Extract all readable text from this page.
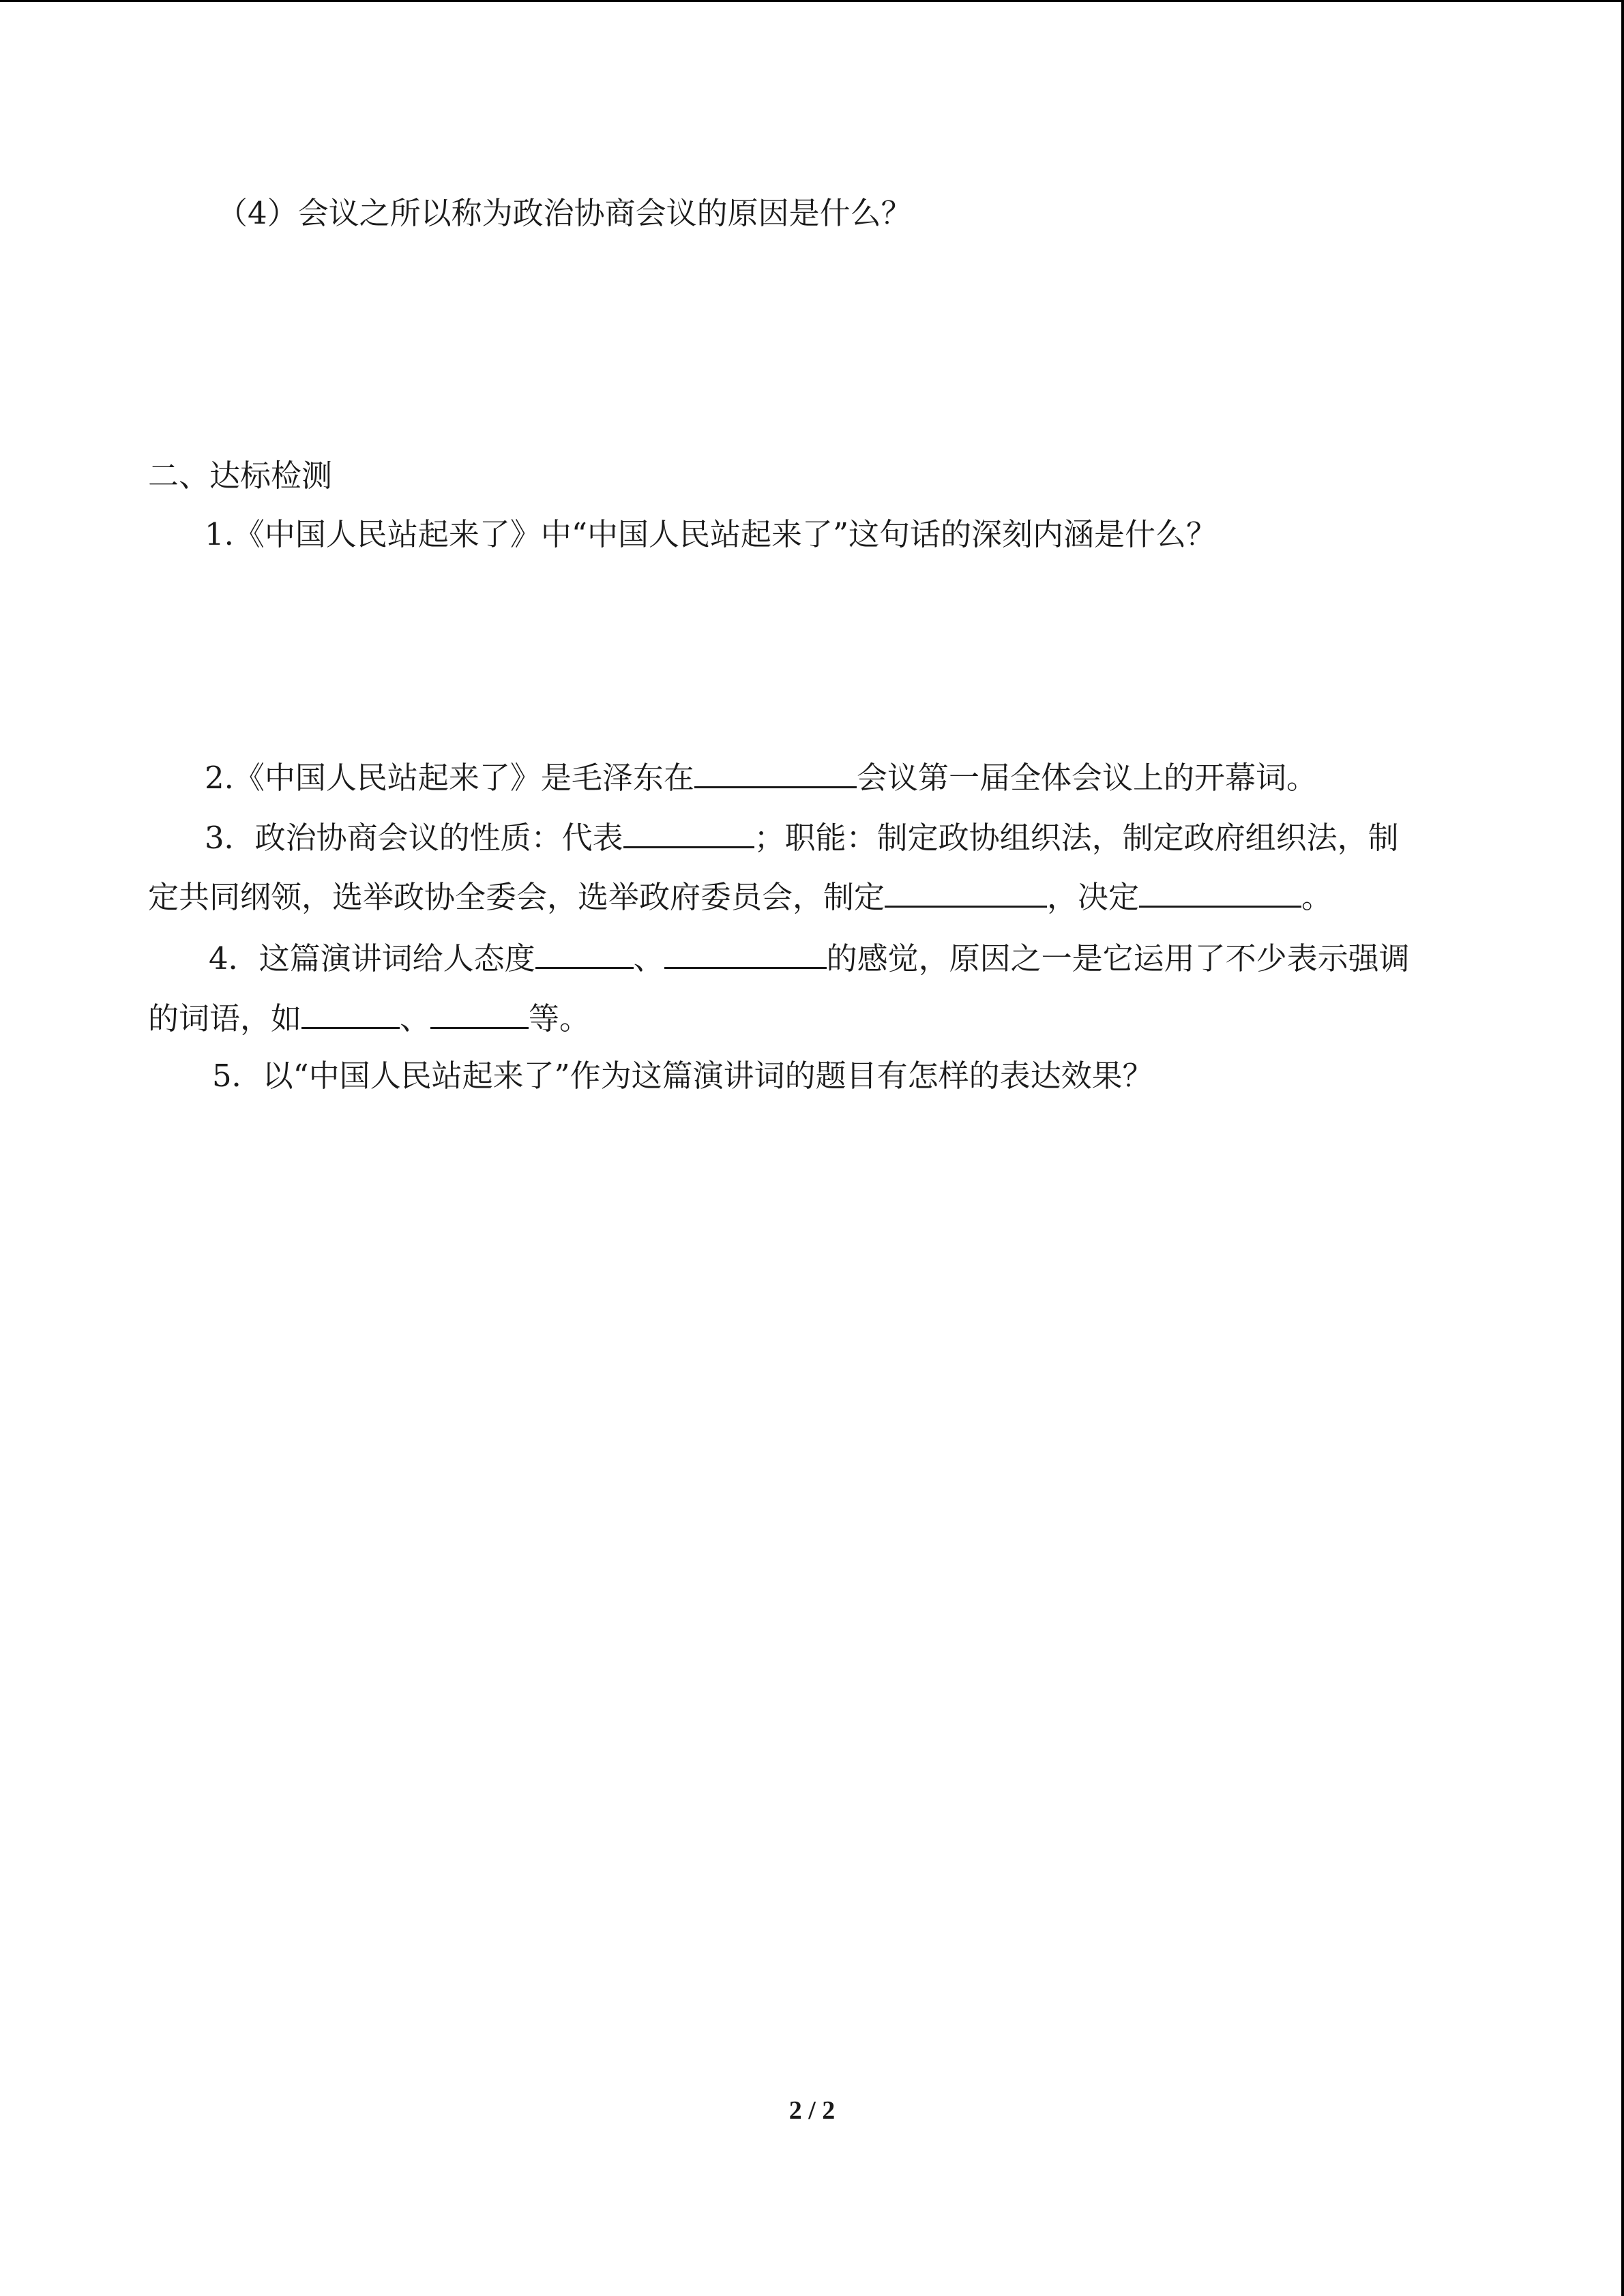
（4）会议之所以称为政治协商会议的原因是什么？

二、达标检测

1.《中国人民站起来了》中“中国人民站起来了”这句话的深刻内涵是什么？

2.《中国人民站起来了》是毛泽东在	会议第一届全体会议上的开幕词。

3．政治协商会议的性质：代表	；职能：制定政协组织法，制定政府组织法，制

定共同纲领，选举政协全委会，选举政府委员会，制定	，决定	。

4．这篇演讲词给人态度	、	的感觉，原因之一是它运用了不少表示强调

的词语，如	、	等。

5．以“中国人民站起来了”作为这篇演讲词的题目有怎样的表达效果？

2 / 2
